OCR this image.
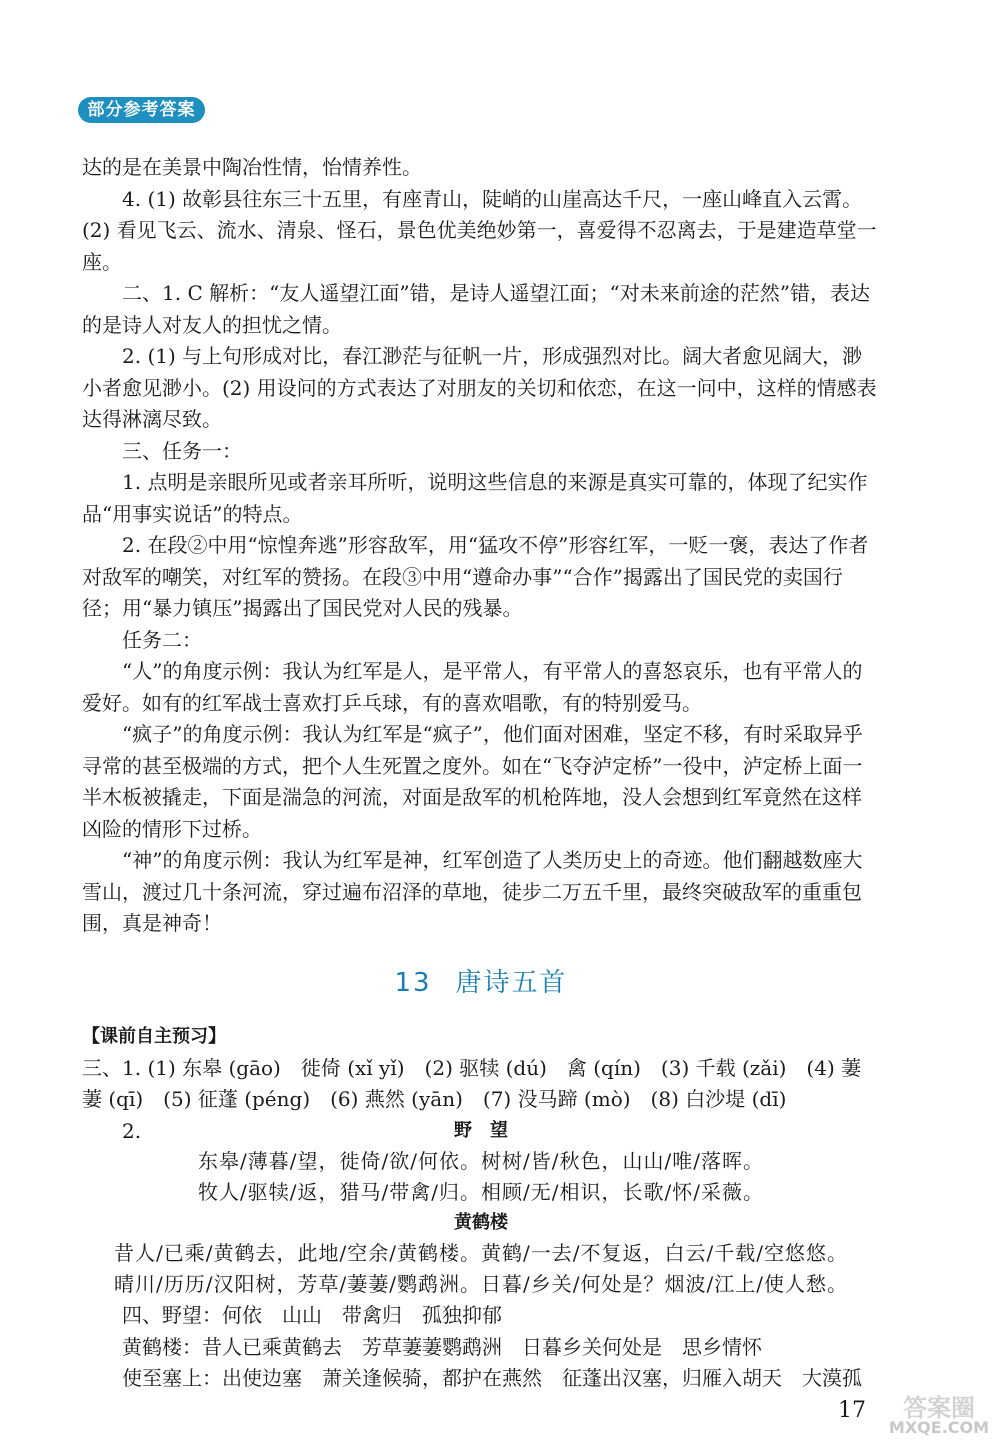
部分参考答案

达的是在美景中陶冶性情，怡情养性。

4. (1) 故彰县往东三十五里，有座青山，陡峭的山崖高达千尺，一座山峰直入云霄。(2) 看见飞云、流水、清泉、怪石，景色优美绝妙第一，喜爱得不忍离去，于是建造草堂一座。

二、1. C 解析：“友人遥望江面”错，是诗人遥望江面；“对未来前途的茫然”错，表达的是诗人对友人的担忧之情。

2. (1) 与上句形成对比，春江渺茫与征帆一片，形成强烈对比。阔大者愈见阔大，渺小者愈见渺小。(2) 用设问的方式表达了对朋友的关切和依恋，在这一问中，这样的情感表达得淋漓尽致。

三、任务一：

1. 点明是亲眼所见或者亲耳所听，说明这些信息的来源是真实可靠的，体现了纪实作品“用事实说话”的特点。

2. 在段②中用“惊惶奔逃”形容敌军，用“猛攻不停”形容红军，一贬一褒，表达了作者对敌军的嘲笑，对红军的赞扬。在段③中用“遵命办事”“合作”揭露出了国民党的卖国行径；用“暴力镇压”揭露出了国民党对人民的残暴。

任务二：

“人”的角度示例：我认为红军是人，是平常人，有平常人的喜怒哀乐，也有平常人的爱好。如有的红军战士喜欢打乒乓球，有的喜欢唱歌，有的特别爱马。

“疯子”的角度示例：我认为红军是“疯子”，他们面对困难，坚定不移，有时采取异乎寻常的甚至极端的方式，把个人生死置之度外。如在“飞夺泸定桥”一役中，泸定桥上面一半木板被撬走，下面是湍急的河流，对面是敌军的机枪阵地，没人会想到红军竟然在这样凶险的情形下过桥。

“神”的角度示例：我认为红军是神，红军创造了人类历史上的奇迹。他们翻越数座大雪山，渡过几十条河流，穿过遍布沼泽的草地，徒步二万五千里，最终突破敌军的重重包围，真是神奇！

13 唐诗五首

【课前自主预习】

三、1. (1) 东皋 (gāo)　徙倚 (xǐ yǐ)　(2) 驱犊 (dú)　禽 (qín)　(3) 千载 (zǎi)　(4) 萋萋 (qī)　(5) 征蓬 (péng)　(6) 燕然 (yān)　(7) 没马蹄 (mò)　(8) 白沙堤 (dī)

2.	野　望
东皋/薄暮/望，徙倚/欲/何依。树树/皆/秋色，山山/唯/落晖。
牧人/驱犊/返，猎马/带禽/归。相顾/无/相识，长歌/怀/采薇。
黄鹤楼
昔人/已乘/黄鹤去，此地/空余/黄鹤楼。黄鹤/一去/不复返，白云/千载/空悠悠。
晴川/历历/汉阳树，芳草/萋萋/鹦鹉洲。日暮/乡关/何处是？烟波/江上/使人愁。

四、野望：何依　山山　带禽归　孤独抑郁

黄鹤楼：昔人已乘黄鹤去　芳草萋萋鹦鹉洲　日暮乡关何处是　思乡情怀

使至塞上：出使边塞　萧关逢候骑，都护在燕然　征蓬出汉塞，归雁入胡天　大漠孤

17	答案圈
MXQE.COM
